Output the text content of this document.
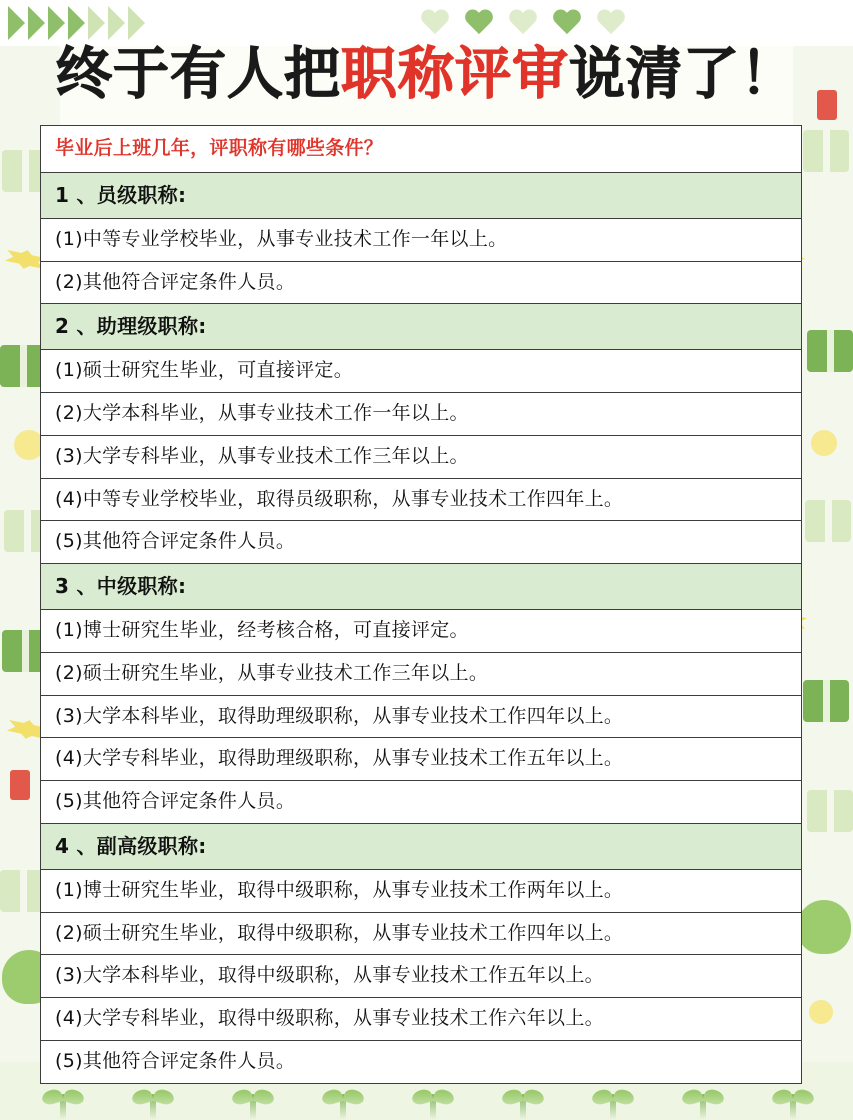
终于有人把职称评审说清了！
毕业后上班几年，评职称有哪些条件？
1 、员级职称:
(1)中等专业学校毕业，从事专业技术工作一年以上。
(2)其他符合评定条件人员。
2 、助理级职称:
(1)硕士研究生毕业，可直接评定。
(2)大学本科毕业，从事专业技术工作一年以上。
(3)大学专科毕业，从事专业技术工作三年以上。
(4)中等专业学校毕业，取得员级职称，从事专业技术工作四年上。
(5)其他符合评定条件人员。
3 、中级职称:
(1)博士研究生毕业，经考核合格，可直接评定。
(2)硕士研究生毕业，从事专业技术工作三年以上。
(3)大学本科毕业，取得助理级职称，从事专业技术工作四年以上。
(4)大学专科毕业，取得助理级职称，从事专业技术工作五年以上。
(5)其他符合评定条件人员。
4 、副高级职称:
(1)博士研究生毕业，取得中级职称，从事专业技术工作两年以上。
(2)硕士研究生毕业，取得中级职称，从事专业技术工作四年以上。
(3)大学本科毕业，取得中级职称，从事专业技术工作五年以上。
(4)大学专科毕业，取得中级职称，从事专业技术工作六年以上。
(5)其他符合评定条件人员。
